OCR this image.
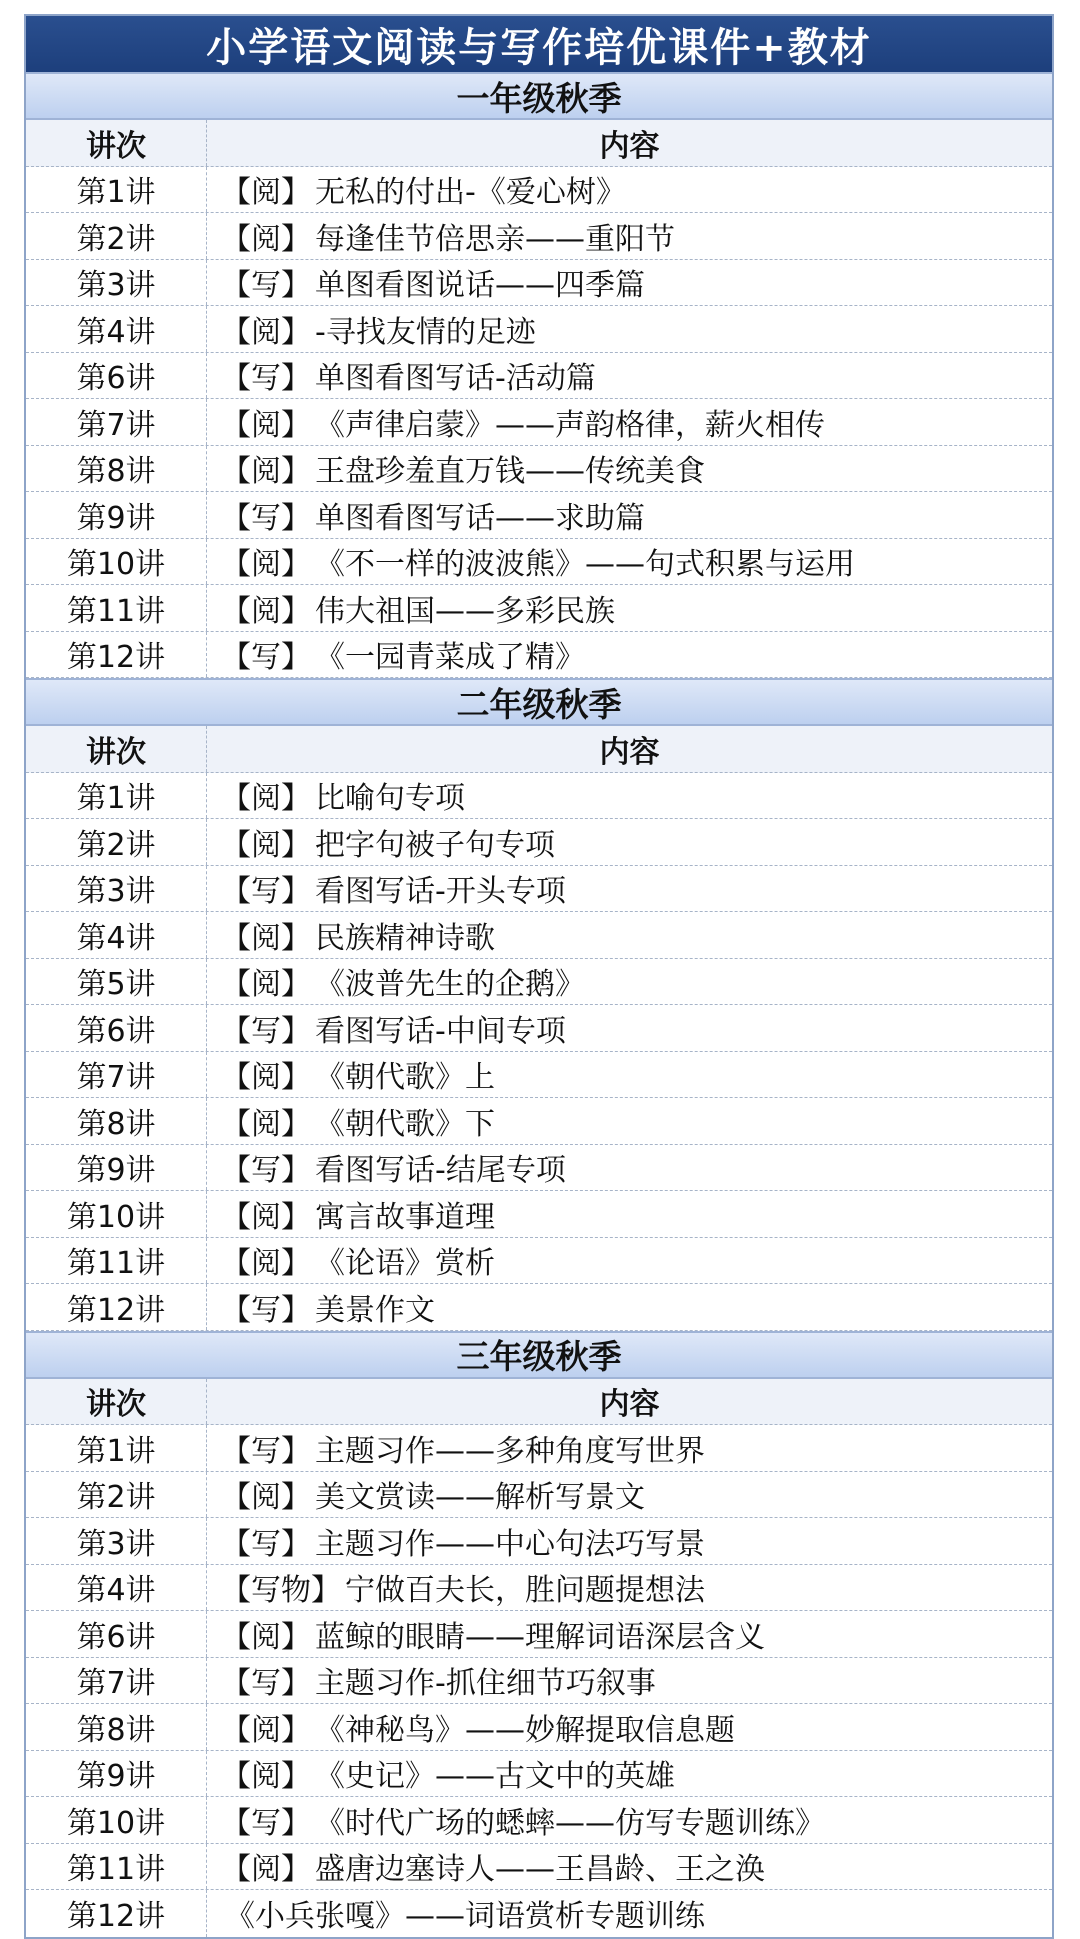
小学语文阅读与写作培优课件+教材
一年级秋季
讲次	内容
第1讲	【阅】 无私的付出-《爱心树》
第2讲	【阅】 每逢佳节倍思亲——重阳节
第3讲	【写】 单图看图说话——四季篇
第4讲	【阅】 -寻找友情的足迹
第6讲	【写】 单图看图写话-活动篇
第7讲	【阅】 《声律启蒙》——声韵格律，薪火相传
第8讲	【阅】 王盘珍羞直万钱——传统美食
第9讲	【写】 单图看图写话——求助篇
第10讲	【阅】 《不一样的波波熊》——句式积累与运用
第11讲	【阅】 伟大祖国——多彩民族
第12讲	【写】 《一园青菜成了精》
二年级秋季
讲次	内容
第1讲	【阅】 比喻句专项
第2讲	【阅】 把字句被子句专项
第3讲	【写】 看图写话-开头专项
第4讲	【阅】 民族精神诗歌
第5讲	【阅】 《波普先生的企鹅》
第6讲	【写】 看图写话-中间专项
第7讲	【阅】 《朝代歌》上
第8讲	【阅】 《朝代歌》下
第9讲	【写】 看图写话-结尾专项
第10讲	【阅】 寓言故事道理
第11讲	【阅】 《论语》赏析
第12讲	【写】 美景作文
三年级秋季
讲次	内容
第1讲	【写】 主题习作——多种角度写世界
第2讲	【阅】 美文赏读——解析写景文
第3讲	【写】 主题习作——中心句法巧写景
第4讲	【写物】 宁做百夫长，胜问题提想法
第6讲	【阅】 蓝鲸的眼睛——理解词语深层含义
第7讲	【写】 主题习作-抓住细节巧叙事
第8讲	【阅】 《神秘鸟》——妙解提取信息题
第9讲	【阅】 《史记》——古文中的英雄
第10讲	【写】 《时代广场的蟋蟀——仿写专题训练》
第11讲	【阅】 盛唐边塞诗人——王昌龄、王之涣
第12讲	《小兵张嘎》——词语赏析专题训练
